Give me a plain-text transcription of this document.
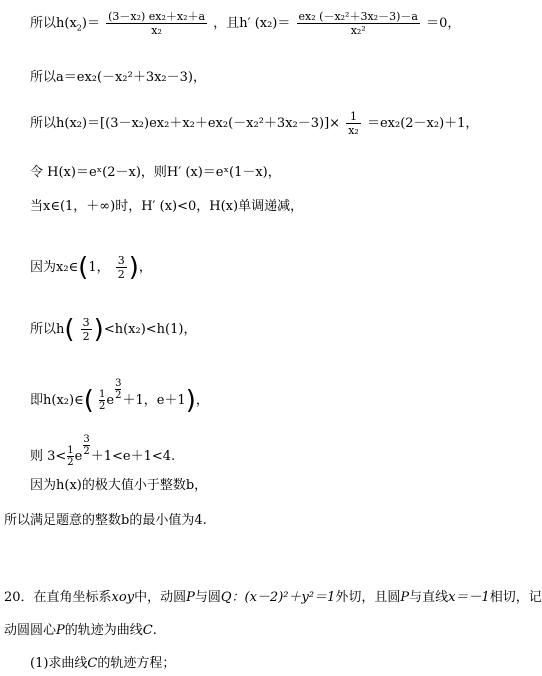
所以$h(x_2)= \frac{\text{(3－x₂) ex₂＋x₂＋a}}{\text{x₂}}$ ，且h′ $(x_2)= \frac{\text{ex₂ (－x₂²＋3x₂－3)－a}}{\text{x₂²}} =0$，
所以a＝ex₂(－x₂²＋3x₂－3)，
所以$h(x_2)=[(3-x_2)ex_2+x_2+ex_2(-x_2^2+3x_2-3)]\times \frac{1}{\text{x₂}} =ex_2(2-x_2)+1$，
令 H(x)＝eˣ(2－x)，则H′ (x)＝eˣ(1－x)，
当x∈(1，＋∞)时，H′ (x)<0，H(x)单调递减，
因为x₂∈(1， $\frac{3}{2}$ )，
所以$h( \frac{3}{2} )<h(x_2)<h(1)$，
即h(x₂)∈( $\frac{1}{2}$ e $\frac{3}{2} +1$，e＋1)，
则 $3< \frac{1}{2}$ e $\frac{3}{2} +1<e+1<4$.
因为h(x)的极大值小于整数b，
所以满足题意的整数b的最小值为4.
20．在直角坐标系xoy中，动圆P与圆Q：(x－2)²＋y²＝1外切，且圆P与直线x＝－1相切，记
动圆圆心P的轨迹为曲线C.
(1)求曲线C的轨迹方程；
